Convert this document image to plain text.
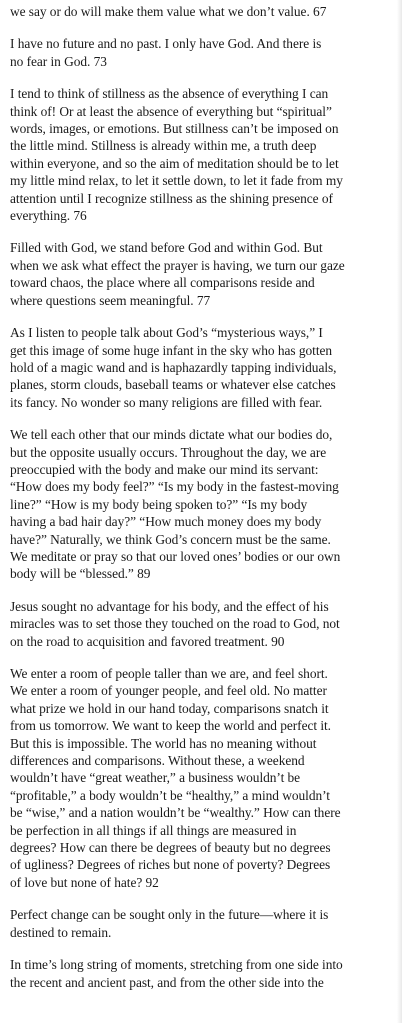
we say or do will make them value what we don’t value. 67

I have no future and no past. I only have God. And there is
no fear in God. 73

I tend to think of stillness as the absence of everything I can
think of! Or at least the absence of everything but “spiritual”
words, images, or emotions. But stillness can’t be imposed on
the little mind. Stillness is already within me, a truth deep
within everyone, and so the aim of meditation should be to let
my little mind relax, to let it settle down, to let it fade from my
attention until I recognize stillness as the shining presence of
everything. 76

Filled with God, we stand before God and within God. But
when we ask what effect the prayer is having, we turn our gaze
toward chaos, the place where all comparisons reside and
where questions seem meaningful. 77

As I listen to people talk about God’s “mysterious ways,” I
get this image of some huge infant in the sky who has gotten
hold of a magic wand and is haphazardly tapping individuals,
planes, storm clouds, baseball teams or whatever else catches
its fancy. No wonder so many religions are filled with fear.

We tell each other that our minds dictate what our bodies do,
but the opposite usually occurs. Throughout the day, we are
preoccupied with the body and make our mind its servant:
“How does my body feel?” “Is my body in the fastest-moving
line?” “How is my body being spoken to?” “Is my body
having a bad hair day?” “How much money does my body
have?” Naturally, we think God’s concern must be the same.
We meditate or pray so that our loved ones’ bodies or our own
body will be “blessed.” 89

Jesus sought no advantage for his body, and the effect of his
miracles was to set those they touched on the road to God, not
on the road to acquisition and favored treatment. 90

We enter a room of people taller than we are, and feel short.
We enter a room of younger people, and feel old. No matter
what prize we hold in our hand today, comparisons snatch it
from us tomorrow. We want to keep the world and perfect it.
But this is impossible. The world has no meaning without
differences and comparisons. Without these, a weekend
wouldn’t have “great weather,” a business wouldn’t be
“profitable,” a body wouldn’t be “healthy,” a mind wouldn’t
be “wise,” and a nation wouldn’t be “wealthy.” How can there
be perfection in all things if all things are measured in
degrees? How can there be degrees of beauty but no degrees
of ugliness? Degrees of riches but none of poverty? Degrees
of love but none of hate? 92

Perfect change can be sought only in the future—where it is
destined to remain.

In time’s long string of moments, stretching from one side into
the recent and ancient past, and from the other side into the
